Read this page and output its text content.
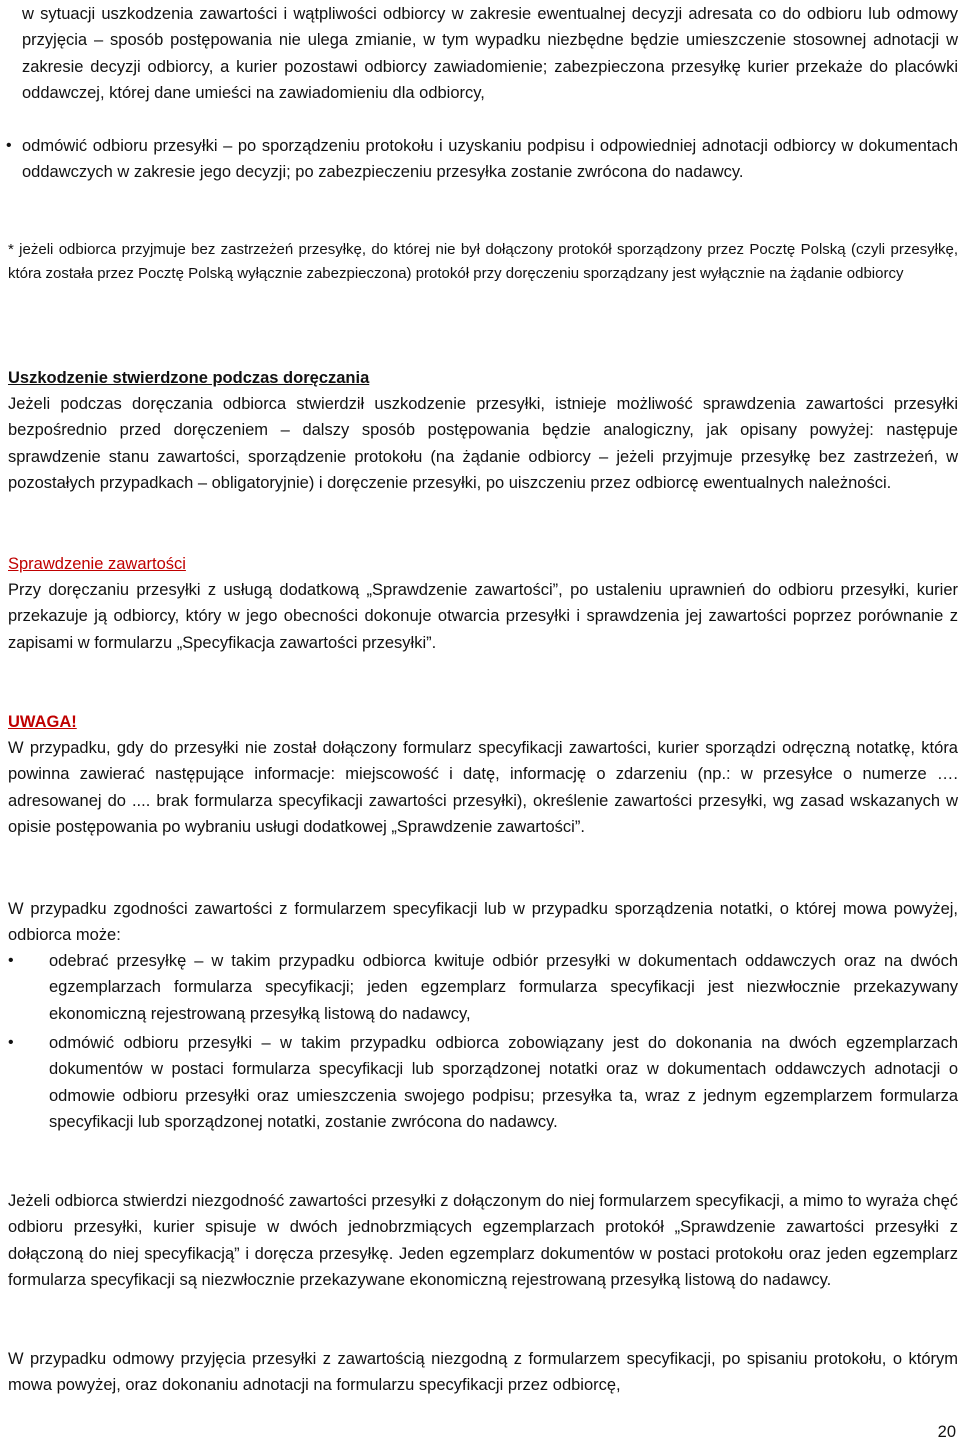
w sytuacji uszkodzenia zawartości i wątpliwości odbiorcy w zakresie ewentualnej decyzji adresata co do odbioru lub odmowy przyjęcia – sposób postępowania nie ulega zmianie, w tym wypadku niezbędne będzie umieszczenie stosownej adnotacji w zakresie decyzji odbiorcy, a kurier pozostawi odbiorcy zawiadomienie; zabezpieczona przesyłkę kurier przekaże do placówki oddawczej, której dane umieści na zawiadomieniu dla odbiorcy,

• odmówić odbioru przesyłki – po sporządzeniu protokołu i uzyskaniu podpisu i odpowiedniej adnotacji odbiorcy w dokumentach oddawczych w zakresie jego decyzji; po zabezpieczeniu przesyłka zostanie zwrócona do nadawcy.

* jeżeli odbiorca przyjmuje bez zastrzeżeń przesyłkę, do której nie był dołączony protokół sporządzony przez Pocztę Polską (czyli przesyłkę, która została przez Pocztę Polską wyłącznie zabezpieczona) protokół przy doręczeniu sporządzany jest wyłącznie na żądanie odbiorcy

Uszkodzenie stwierdzone podczas doręczania

Jeżeli podczas doręczania odbiorca stwierdził uszkodzenie przesyłki, istnieje możliwość sprawdzenia zawartości przesyłki bezpośrednio przed doręczeniem – dalszy sposób postępowania będzie analogiczny, jak opisany powyżej: następuje sprawdzenie stanu zawartości, sporządzenie protokołu (na żądanie odbiorcy – jeżeli przyjmuje przesyłkę bez zastrzeżeń, w pozostałych przypadkach – obligatoryjnie) i doręczenie przesyłki, po uiszczeniu przez odbiorcę ewentualnych należności.

Sprawdzenie zawartości

Przy doręczaniu przesyłki z usługą dodatkową „Sprawdzenie zawartości”, po ustaleniu uprawnień do odbioru przesyłki, kurier przekazuje ją odbiorcy, który w jego obecności dokonuje otwarcia przesyłki i sprawdzenia jej zawartości poprzez porównanie z zapisami w formularzu „Specyfikacja zawartości przesyłki”.

UWAGA!

W przypadku, gdy do przesyłki nie został dołączony formularz specyfikacji zawartości, kurier sporządzi odręczną notatkę, która powinna zawierać następujące informacje: miejscowość i datę, informację o zdarzeniu (np.: w przesyłce o numerze …. adresowanej do .... brak formularza specyfikacji zawartości przesyłki), określenie zawartości przesyłki, wg zasad wskazanych w opisie postępowania po wybraniu usługi dodatkowej „Sprawdzenie zawartości”.

W przypadku zgodności zawartości z formularzem specyfikacji lub w przypadku sporządzenia notatki, o której mowa powyżej, odbiorca może:

• odebrać przesyłkę – w takim przypadku odbiorca kwituje odbiór przesyłki w dokumentach oddawczych oraz na dwóch egzemplarzach formularza specyfikacji; jeden egzemplarz formularza specyfikacji jest niezwłocznie przekazywany ekonomiczną rejestrowaną przesyłką listową do nadawcy,
• odmówić odbioru przesyłki – w takim przypadku odbiorca zobowiązany jest do dokonania na dwóch egzemplarzach dokumentów w postaci formularza specyfikacji lub sporządzonej notatki oraz w dokumentach oddawczych adnotacji o odmowie odbioru przesyłki oraz umieszczenia swojego podpisu; przesyłka ta, wraz z jednym egzemplarzem formularza specyfikacji lub sporządzonej notatki, zostanie zwrócona do nadawcy.

Jeżeli odbiorca stwierdzi niezgodność zawartości przesyłki z dołączonym do niej formularzem specyfikacji, a mimo to wyraża chęć odbioru przesyłki, kurier spisuje w dwóch jednobrzmiących egzemplarzach protokół „Sprawdzenie zawartości przesyłki z dołączoną do niej specyfikacją” i doręcza przesyłkę. Jeden egzemplarz dokumentów w postaci protokołu oraz jeden egzemplarz formularza specyfikacji są niezwłocznie przekazywane ekonomiczną rejestrowaną przesyłką listową do nadawcy.

W przypadku odmowy przyjęcia przesyłki z zawartością niezgodną z formularzem specyfikacji, po spisaniu protokołu, o którym mowa powyżej, oraz dokonaniu adnotacji na formularzu specyfikacji przez odbiorcę,

20
